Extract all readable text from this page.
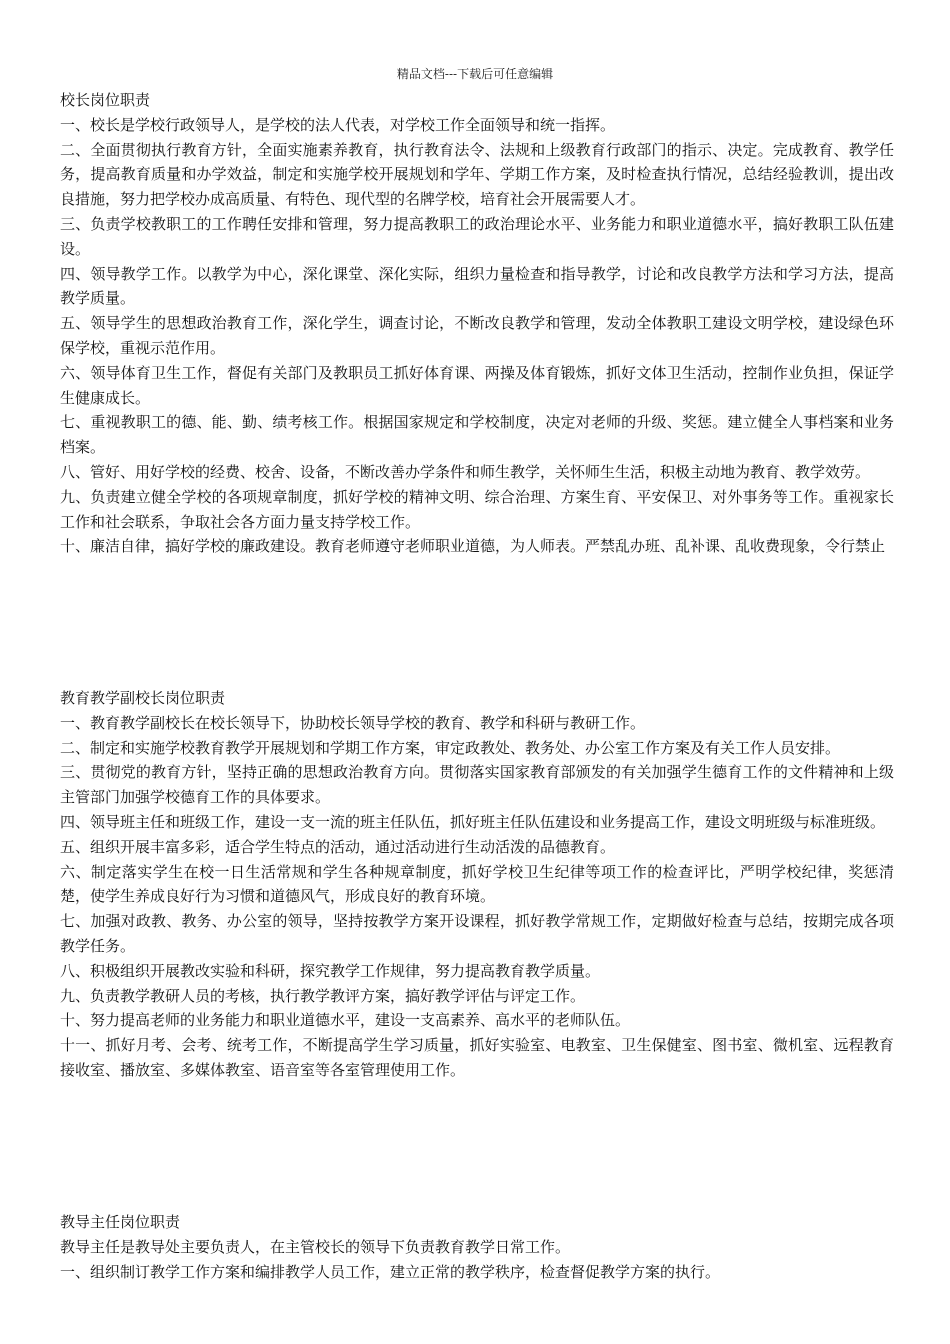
精品文档---下载后可任意编辑

校长岗位职责

一、校长是学校行政领导人，是学校的法人代表，对学校工作全面领导和统一指挥。

二、全面贯彻执行教育方针，全面实施素养教育，执行教育法令、法规和上级教育行政部门的指示、决定。完成教育、教学任务，提高教育质量和办学效益，制定和实施学校开展规划和学年、学期工作方案，及时检查执行情况，总结经验教训，提出改良措施，努力把学校办成高质量、有特色、现代型的名牌学校，培育社会开展需要人才。

三、负责学校教职工的工作聘任安排和管理，努力提高教职工的政治理论水平、业务能力和职业道德水平，搞好教职工队伍建设。

四、领导教学工作。以教学为中心，深化课堂、深化实际，组织力量检查和指导教学，讨论和改良教学方法和学习方法，提高教学质量。

五、领导学生的思想政治教育工作，深化学生，调查讨论，不断改良教学和管理，发动全体教职工建设文明学校，建设绿色环保学校，重视示范作用。

六、领导体育卫生工作，督促有关部门及教职员工抓好体育课、两操及体育锻炼，抓好文体卫生活动，控制作业负担，保证学生健康成长。

七、重视教职工的德、能、勤、绩考核工作。根据国家规定和学校制度，决定对老师的升级、奖惩。建立健全人事档案和业务档案。

八、管好、用好学校的经费、校舍、设备，不断改善办学条件和师生教学，关怀师生生活，积极主动地为教育、教学效劳。

九、负责建立健全学校的各项规章制度，抓好学校的精神文明、综合治理、方案生育、平安保卫、对外事务等工作。重视家长工作和社会联系，争取社会各方面力量支持学校工作。

十、廉洁自律，搞好学校的廉政建设。教育老师遵守老师职业道德，为人师表。严禁乱办班、乱补课、乱收费现象，令行禁止

教育教学副校长岗位职责

一、教育教学副校长在校长领导下，协助校长领导学校的教育、教学和科研与教研工作。

二、制定和实施学校教育教学开展规划和学期工作方案，审定政教处、教务处、办公室工作方案及有关工作人员安排。

三、贯彻党的教育方针，坚持正确的思想政治教育方向。贯彻落实国家教育部颁发的有关加强学生德育工作的文件精神和上级主管部门加强学校德育工作的具体要求。

四、领导班主任和班级工作，建设一支一流的班主任队伍，抓好班主任队伍建设和业务提高工作，建设文明班级与标准班级。

五、组织开展丰富多彩，适合学生特点的活动，通过活动进行生动活泼的品德教育。

六、制定落实学生在校一日生活常规和学生各种规章制度，抓好学校卫生纪律等项工作的检查评比，严明学校纪律，奖惩清楚，使学生养成良好行为习惯和道德风气，形成良好的教育环境。

七、加强对政教、教务、办公室的领导，坚持按教学方案开设课程，抓好教学常规工作，定期做好检查与总结，按期完成各项教学任务。

八、积极组织开展教改实验和科研，探究教学工作规律，努力提高教育教学质量。

九、负责教学教研人员的考核，执行教学教评方案，搞好教学评估与评定工作。

十、努力提高老师的业务能力和职业道德水平，建设一支高素养、高水平的老师队伍。

十一、抓好月考、会考、统考工作，不断提高学生学习质量，抓好实验室、电教室、卫生保健室、图书室、微机室、远程教育接收室、播放室、多媒体教室、语音室等各室管理使用工作。

教导主任岗位职责

教导主任是教导处主要负责人，在主管校长的领导下负责教育教学日常工作。

一、组织制订教学工作方案和编排教学人员工作，建立正常的教学秩序，检查督促教学方案的执行。
